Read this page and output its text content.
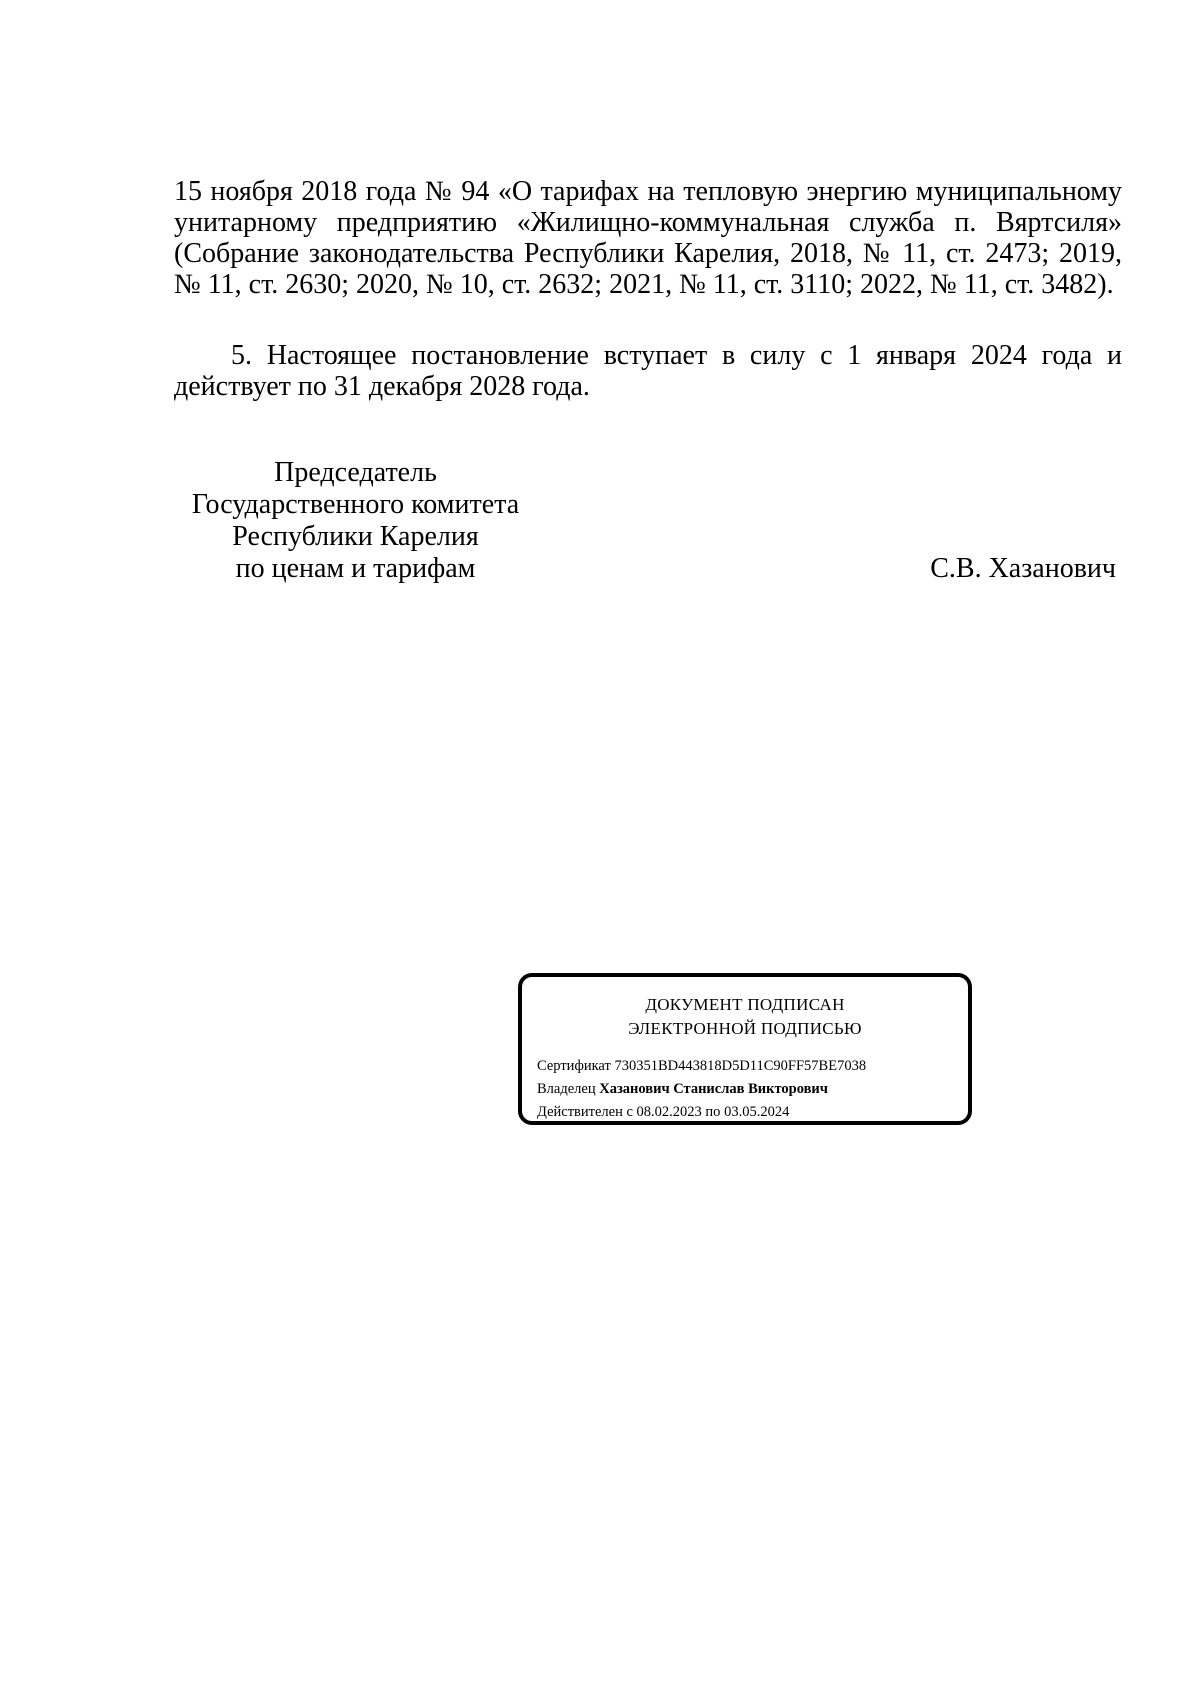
15 ноября 2018 года № 94 «О тарифах на тепловую энергию муниципальному унитарному предприятию «Жилищно-коммунальная служба п. Вяртсиля» (Собрание законодательства Республики Карелия, 2018, № 11, ст. 2473; 2019, № 11, ст. 2630; 2020, № 10, ст. 2632; 2021, № 11, ст. 3110; 2022, № 11, ст. 3482).

5. Настоящее постановление вступает в силу с 1 января 2024 года и действует по 31 декабря 2028 года.

Председатель
Государственного комитета
Республики Карелия
по ценам и тарифам	С.В. Хазанович
ДОКУМЕНТ ПОДПИСАН
ЭЛЕКТРОННОЙ ПОДПИСЬЮ
Сертификат 730351BD443818D5D11C90FF57BE7038
Владелец Хазанович Станислав Викторович
Действителен с 08.02.2023 по 03.05.2024
